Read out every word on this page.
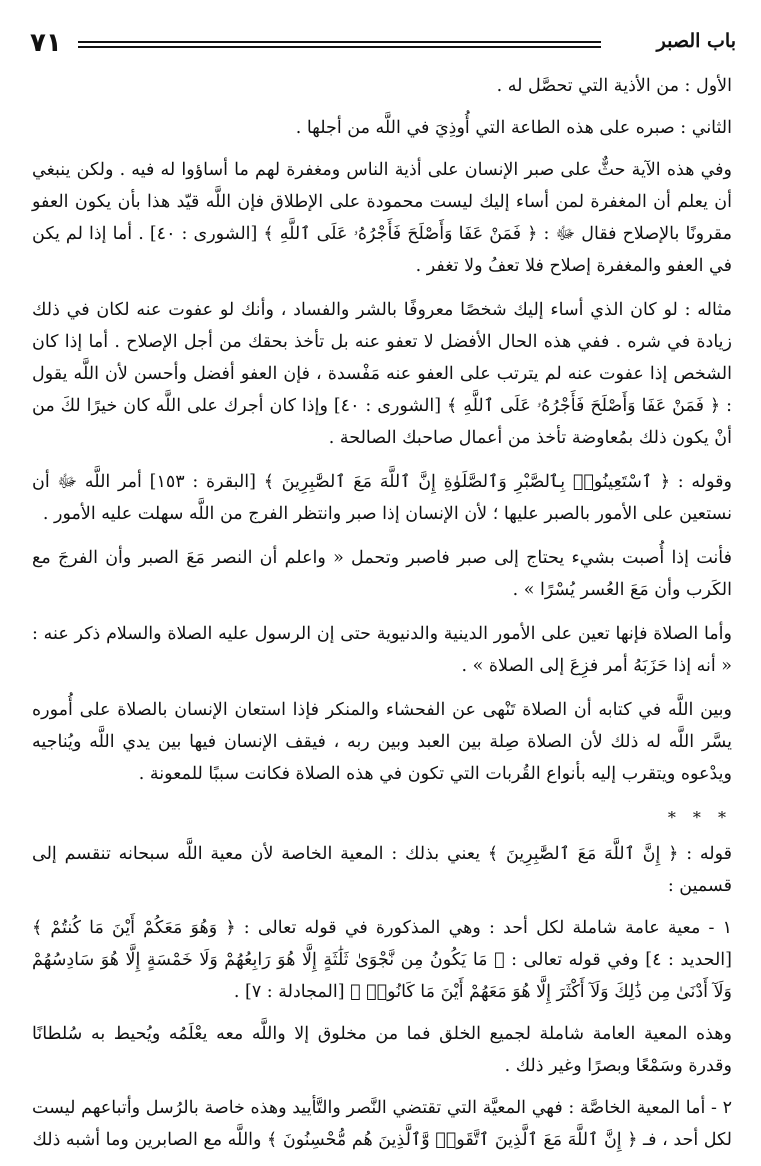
٧١	باب الصبر

الأول : من الأذية التي تحصَّل له .

الثاني : صبره على هذه الطاعة التي أُوذِيَ في اللَّه من أجلها .

وفي هذه الآية حثٌّ على صبر الإنسان على أذية الناس ومغفرة لهم ما أساؤوا له فيه . ولكن ينبغي أن يعلم أن المغفرة لمن أساء إليك ليست محمودة على الإطلاق فإن اللَّه قيّد هذا بأن يكون العفو مقرونًا بالإصلاح فقال ﷻ : ﴿ فَمَنْ عَفَا وَأَصْلَحَ فَأَجْرُهُۥ عَلَى ٱللَّهِ ﴾ [الشورى : ٤٠] . أما إذا لم يكن في العفو والمغفرة إصلاح فلا تعفُ ولا تغفر .

مثاله : لو كان الذي أساء إليك شخصًا معروفًا بالشر والفساد ، وأنك لو عفوت عنه لكان في ذلك زيادة في شره . ففي هذه الحال الأفضل لا تعفو عنه بل تأخذ بحقك من أجل الإصلاح . أما إذا كان الشخص إذا عفوت عنه لم يترتب على العفو عنه مَفْسدة ، فإن العفو أفضل وأحسن لأن اللَّه يقول : ﴿ فَمَنْ عَفَا وَأَصْلَحَ فَأَجْرُهُۥ عَلَى ٱللَّهِ ﴾ [الشورى : ٤٠] وإذا كان أجرك على اللَّه كان خيرًا لكَ من أنْ يكون ذلك بمُعاوضة تأخذ من أعمال صاحبك الصالحة .

وقوله : ﴿ ٱسْتَعِينُوا۟ بِٱلصَّبْرِ وَٱلصَّلَوٰةِ إِنَّ ٱللَّهَ مَعَ ٱلصَّٰبِرِينَ ﴾ [البقرة : ١٥٣] أمر اللَّه ﷻ أن نستعين على الأمور بالصبر عليها ؛ لأن الإنسان إذا صبر وانتظر الفرج من اللَّه سهلت عليه الأمور .

فأنت إذا أُصبت بشيء يحتاج إلى صبر فاصبر وتحمل « واعلم أن النصر مَعَ الصبر وأن الفرجَ مع الكَرب وأن مَعَ العُسر يُسْرًا » .

وأما الصلاة فإنها تعين على الأمور الدينية والدنيوية حتى إن الرسول عليه الصلاة والسلام ذكر عنه : « أنه إذا حَزَبَهُ أمر فزِعَ إلى الصلاة » .

وبين اللَّه في كتابه أن الصلاة تَنْهى عن الفحشاء والمنكر فإذا استعان الإنسان بالصلاة على أُموره يسَّر اللَّه له ذلك لأن الصلاة صِلة بين العبد وبين ربه ، فيقف الإنسان فيها بين يدي اللَّه ويُناجيه ويدْعوه ويتقرب إليه بأنواع القُربات التي تكون في هذه الصلاة فكانت سببًا للمعونة .

* * *

قوله : ﴿ إِنَّ ٱللَّهَ مَعَ ٱلصَّٰبِرِينَ ﴾ يعني بذلك : المعية الخاصة لأن معية اللَّه سبحانه تنقسم إلى قسمين :

١ - معية عامة شاملة لكل أحد : وهي المذكورة في قوله تعالى : ﴿ وَهُوَ مَعَكُمْ أَيْنَ مَا كُنتُمْ ﴾ [الحديد : ٤] وفي قوله تعالى : ﴿ مَا يَكُونُ مِن نَّجْوَىٰ ثَلَٰثَةٍ إِلَّا هُوَ رَابِعُهُمْ وَلَا خَمْسَةٍ إِلَّا هُوَ سَادِسُهُمْ وَلَآ أَدْنَىٰ مِن ذَٰلِكَ وَلَآ أَكْثَرَ إِلَّا هُوَ مَعَهُمْ أَيْنَ مَا كَانُوا۟ ﴾ [المجادلة : ٧] .

وهذه المعية العامة شاملة لجميع الخلق فما من مخلوق إلا واللَّه معه يعْلَمُه ويُحيط به سُلطانًا وقدرة وسَمْعًا وبصرًا وغير ذلك .

٢ - أما المعية الخاصَّة : فهي المعيَّة التي تقتضي النَّصر والتَّأييد وهذه خاصة بالرُسل وأتباعهم ليست لكل أحد ، فـ ﴿ إِنَّ ٱللَّهَ مَعَ ٱلَّذِينَ ٱتَّقَوا۟ وَّٱلَّذِينَ هُم مُّحْسِنُونَ ﴾ واللَّه مع الصابرين وما أشبه ذلك
